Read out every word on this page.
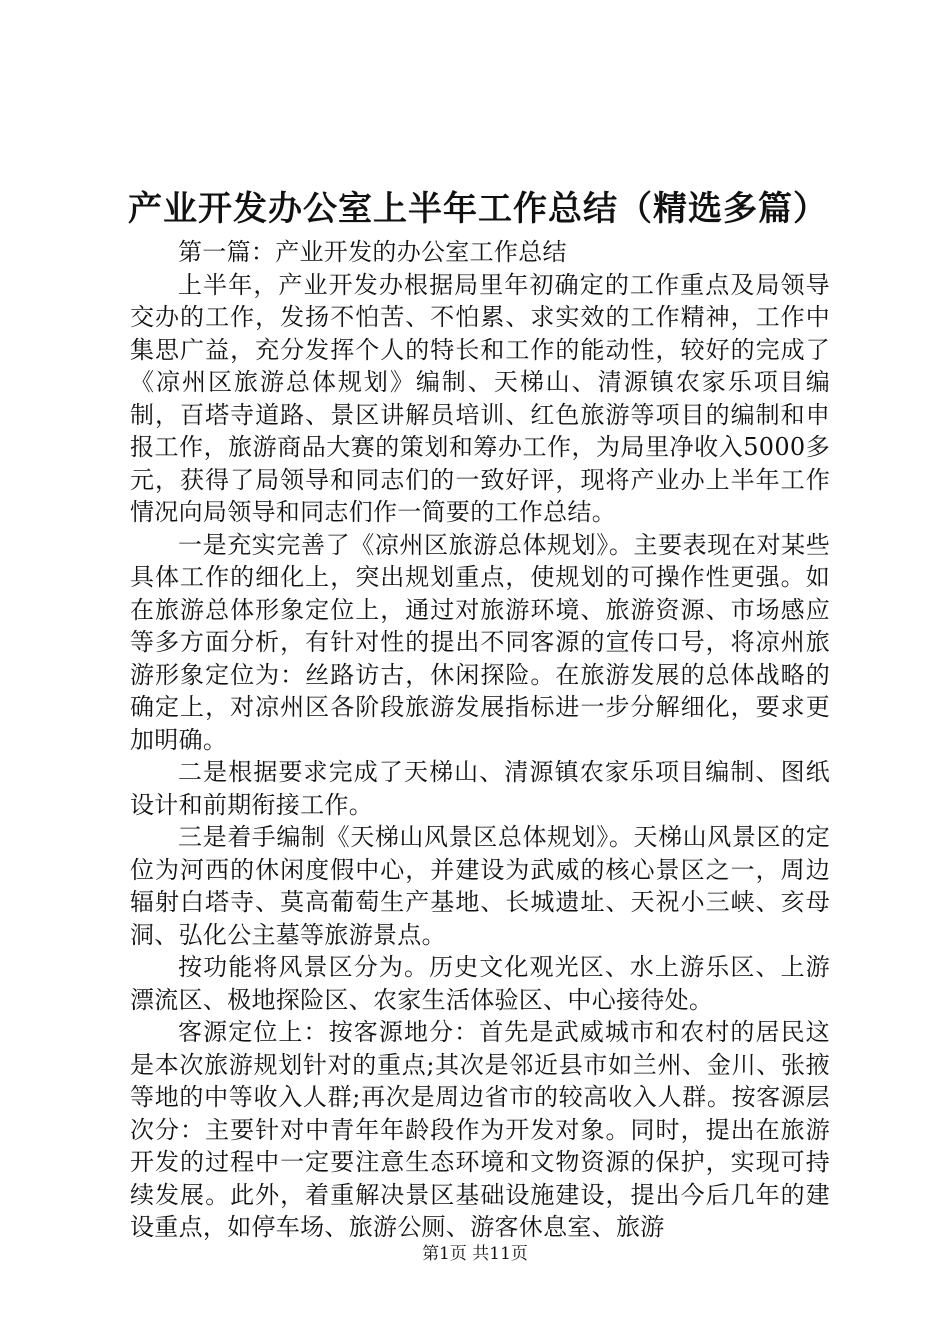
产业开发办公室上半年工作总结（精选多篇）

第一篇：产业开发的办公室工作总结

上半年，产业开发办根据局里年初确定的工作重点及局领导交办的工作，发扬不怕苦、不怕累、求实效的工作精神，工作中集思广益，充分发挥个人的特长和工作的能动性，较好的完成了《凉州区旅游总体规划》编制、天梯山、清源镇农家乐项目编制，百塔寺道路、景区讲解员培训、红色旅游等项目的编制和申报工作，旅游商品大赛的策划和筹办工作，为局里净收入5000多元，获得了局领导和同志们的一致好评，现将产业办上半年工作情况向局领导和同志们作一简要的工作总结。

一是充实完善了《凉州区旅游总体规划》。主要表现在对某些具体工作的细化上，突出规划重点，使规划的可操作性更强。如在旅游总体形象定位上，通过对旅游环境、旅游资源、市场感应等多方面分析，有针对性的提出不同客源的宣传口号，将凉州旅游形象定位为：丝路访古，休闲探险。在旅游发展的总体战略的确定上，对凉州区各阶段旅游发展指标进一步分解细化，要求更加明确。

二是根据要求完成了天梯山、清源镇农家乐项目编制、图纸设计和前期衔接工作。

三是着手编制《天梯山风景区总体规划》。天梯山风景区的定位为河西的休闲度假中心，并建设为武威的核心景区之一，周边辐射白塔寺、莫高葡萄生产基地、长城遗址、天祝小三峡、亥母洞、弘化公主墓等旅游景点。

按功能将风景区分为。历史文化观光区、水上游乐区、上游漂流区、极地探险区、农家生活体验区、中心接待处。

客源定位上：按客源地分：首先是武威城市和农村的居民这是本次旅游规划针对的重点;其次是邻近县市如兰州、金川、张掖等地的中等收入人群;再次是周边省市的较高收入人群。按客源层次分：主要针对中青年年龄段作为开发对象。同时，提出在旅游开发的过程中一定要注意生态环境和文物资源的保护，实现可持续发展。此外，着重解决景区基础设施建设，提出今后几年的建设重点，如停车场、旅游公厕、游客休息室、旅游

第1页 共11页
